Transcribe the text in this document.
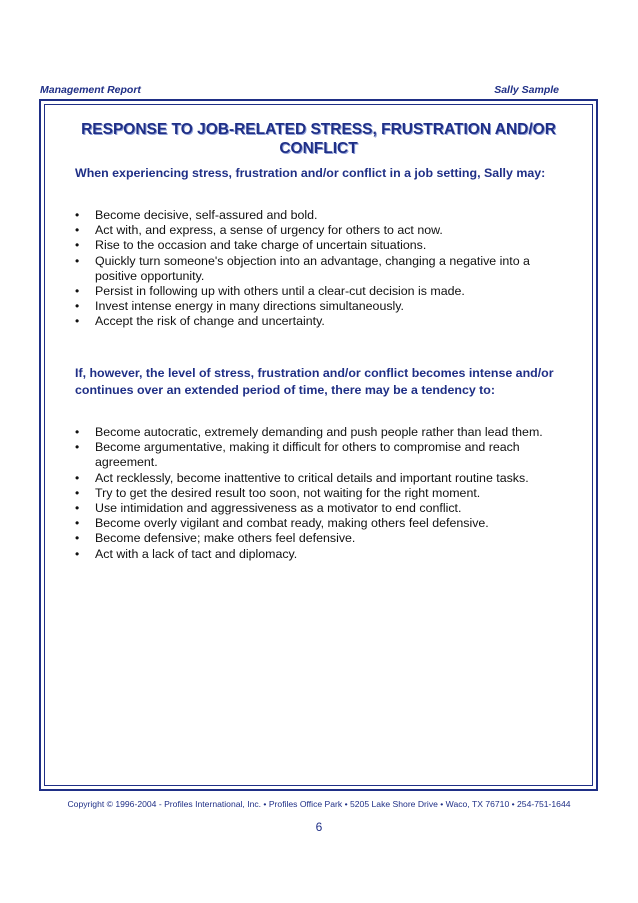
Management Report	Sally Sample
RESPONSE TO JOB-RELATED STRESS, FRUSTRATION AND/OR CONFLICT
When experiencing stress, frustration and/or conflict in a job setting, Sally may:
• Become decisive, self-assured and bold.
• Act with, and express, a sense of urgency for others to act now.
• Rise to the occasion and take charge of uncertain situations.
• Quickly turn someone's objection into an advantage, changing a negative into a positive opportunity.
• Persist in following up with others until a clear-cut decision is made.
• Invest intense energy in many directions simultaneously.
• Accept the risk of change and uncertainty.
If, however, the level of stress, frustration and/or conflict becomes intense and/or continues over an extended period of time, there may be a tendency to:
• Become autocratic, extremely demanding and push people rather than lead them.
• Become argumentative, making it difficult for others to compromise and reach agreement.
• Act recklessly, become inattentive to critical details and important routine tasks.
• Try to get the desired result too soon, not waiting for the right moment.
• Use intimidation and aggressiveness as a motivator to end conflict.
• Become overly vigilant and combat ready, making others feel defensive.
• Become defensive; make others feel defensive.
• Act with a lack of tact and diplomacy.
Copyright © 1996-2004 - Profiles International, Inc. • Profiles Office Park • 5205 Lake Shore Drive • Waco, TX 76710 • 254-751-1644
6
